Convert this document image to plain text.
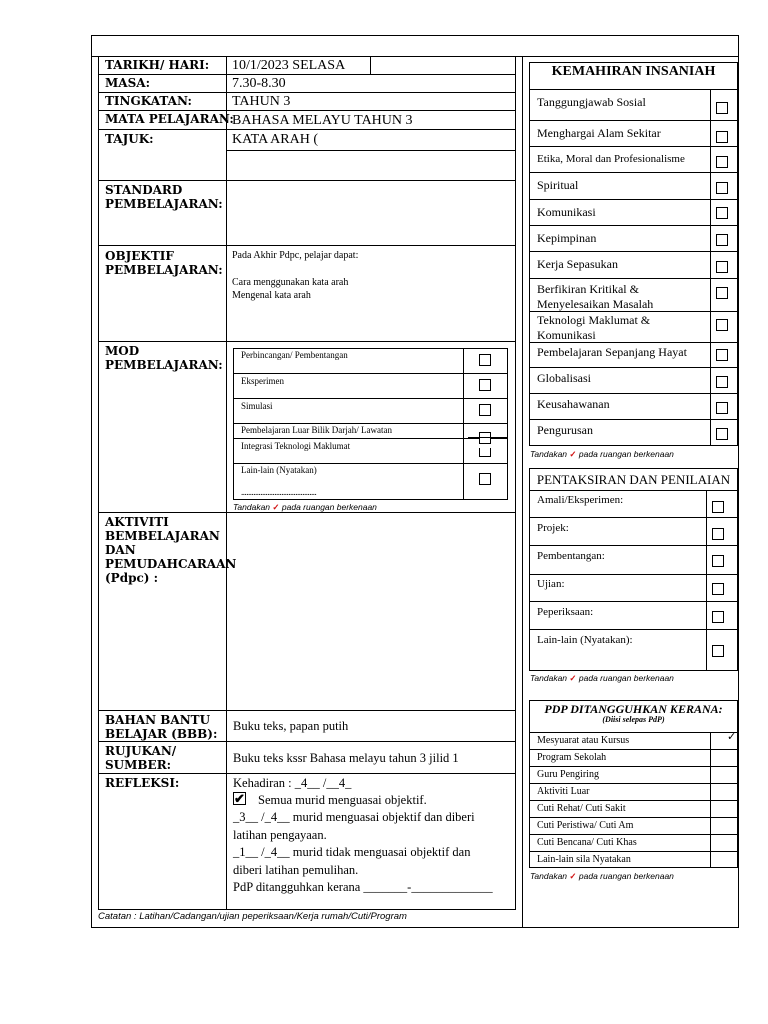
TARIKH/ HARI:
MASA:
TINGKATAN:
MATA PELAJARAN:
TAJUK:
STANDARD PEMBELAJARAN:
OBJEKTIF PEMBELAJARAN:
MOD PEMBELAJARAN:
AKTIVITI BEMBELAJARAN DAN PEMUDAHCARAAN (Pdpc) :
BAHAN BANTU BELAJAR (BBB):
RUJUKAN/ SUMBER:
REFLEKSI:
10/1/2023 SELASA
7.30-8.30
TAHUN 3
BAHASA MELAYU TAHUN 3
KATA ARAH (
Pada Akhir Pdpc, pelajar dapat:
Cara menggunakan kata arah
Mengenal kata arah
Perbincangan/ Pembentangan
Eksperimen
Simulasi
Pembelajaran Luar Bilik Darjah/ Lawatan
Integrasi Teknologi Maklumat
Lain-lain (Nyatakan)
...........................................
Tandakan ✓ pada ruangan berkenaan
Buku teks, papan putih
Buku teks kssr Bahasa melayu tahun 3 jilid 1
Kehadiran : _4__ /__4_
✔ Semua murid menguasai objektif.
_3__ /_4__ murid menguasai objektif dan diberi
latihan pengayaan.
_1__ /_4__ murid tidak menguasai objektif dan
diberi latihan pemulihan.
PdP ditangguhkan kerana _______-_____________
Catatan : Latihan/Cadangan/ujian peperiksaan/Kerja rumah/Cuti/Program
KEMAHIRAN INSANIAH
Tanggungjawab Sosial
Menghargai Alam Sekitar
Etika, Moral dan Profesionalisme
Spiritual
Komunikasi
Kepimpinan
Kerja Sepasukan
Berfikiran Kritikal & Menyelesaikan Masalah
Teknologi Maklumat & Komunikasi
Pembelajaran Sepanjang Hayat
Globalisasi
Keusahawanan
Pengurusan
Tandakan ✓ pada ruangan berkenaan
PENTAKSIRAN DAN PENILAIAN
Amali/Eksperimen:
Projek:
Pembentangan:
Ujian:
Peperiksaan:
Lain-lain (Nyatakan):
Tandakan ✓ pada ruangan berkenaan
PDP DITANGGUHKAN KERANA:
(Diisi selepas PdP)
Mesyuarat atau Kursus
Program Sekolah
Guru Pengiring
Aktiviti Luar
Cuti Rehat/ Cuti Sakit
Cuti Peristiwa/ Cuti Am
Cuti Bencana/ Cuti Khas
Lain-lain sila Nyatakan
✓
Tandakan ✓ pada ruangan berkenaan
